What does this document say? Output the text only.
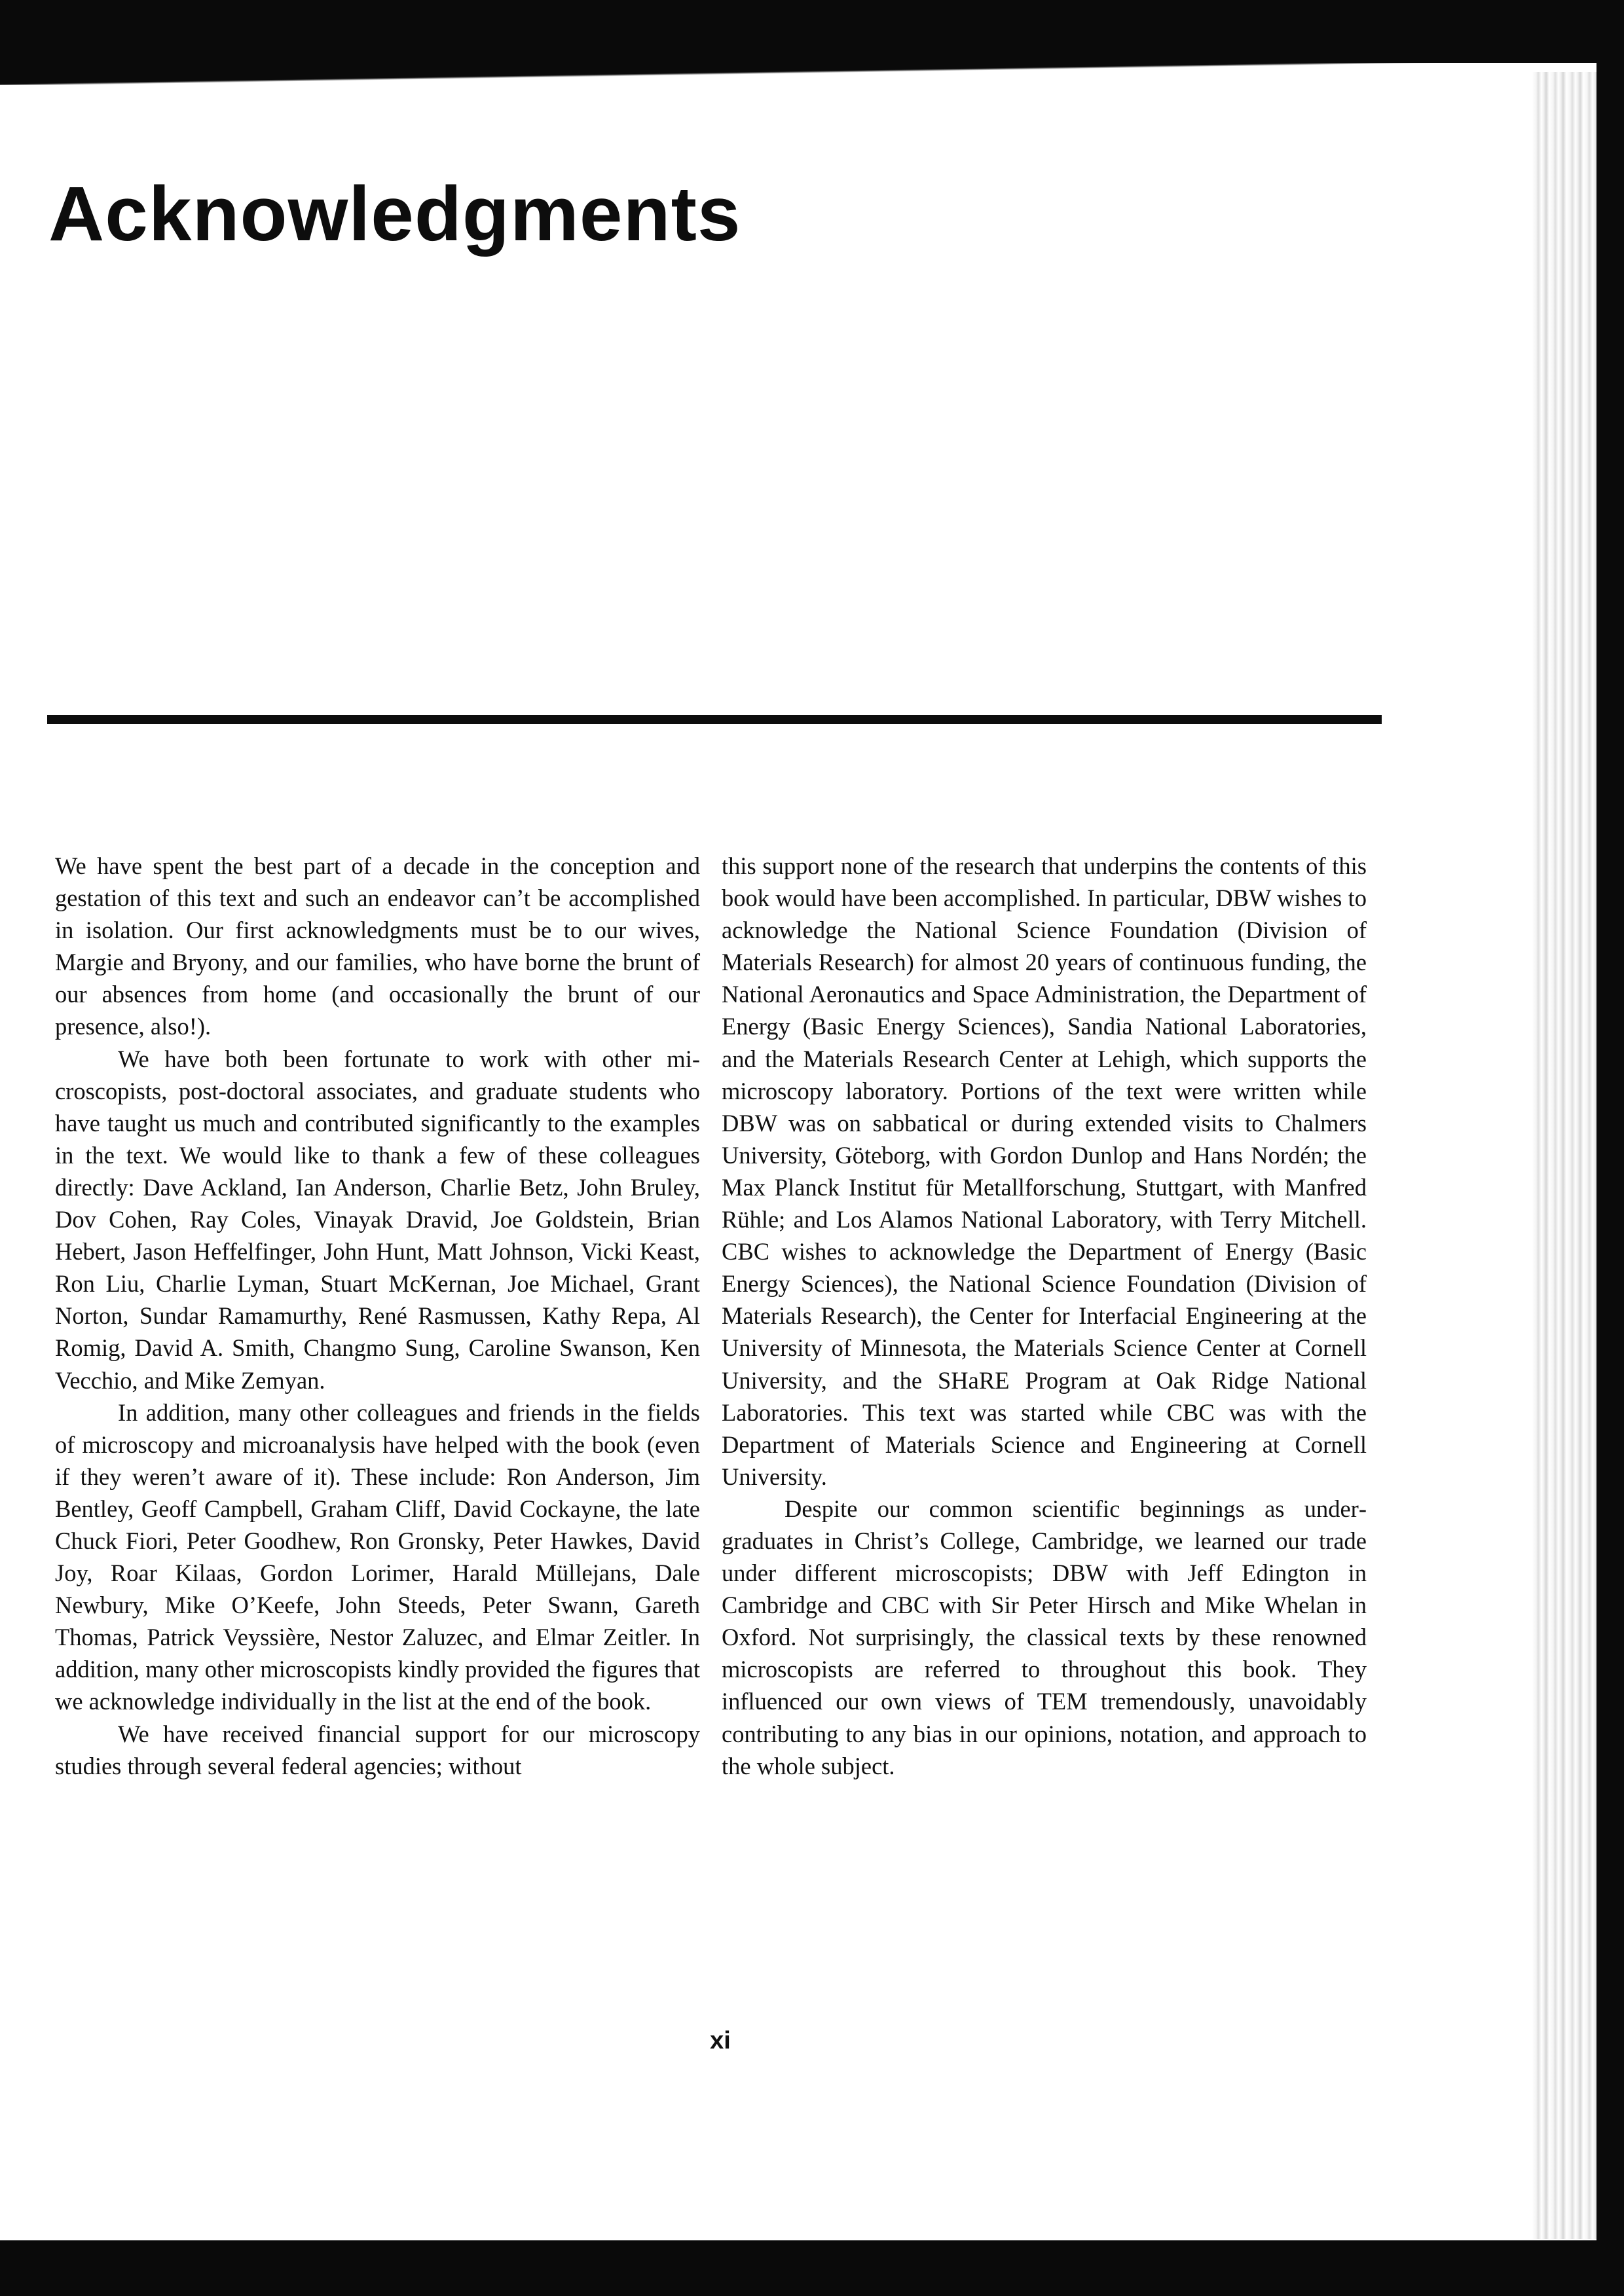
Acknowledgments

We have spent the best part of a decade in the conception and gestation of this text and such an endeavor can’t be accomplished in isolation. Our first acknowledgments must be to our wives, Margie and Bryony, and our families, who have borne the brunt of our absences from home (and occasionally the brunt of our presence, also!).

We have both been fortunate to work with other microscopists, post-doctoral associates, and graduate students who have taught us much and contributed significantly to the examples in the text. We would like to thank a few of these colleagues directly: Dave Ackland, Ian Anderson, Charlie Betz, John Bruley, Dov Cohen, Ray Coles, Vinayak Dravid, Joe Goldstein, Brian Hebert, Jason Heffelfinger, John Hunt, Matt Johnson, Vicki Keast, Ron Liu, Charlie Lyman, Stuart McKernan, Joe Michael, Grant Norton, Sundar Ramamurthy, René Rasmussen, Kathy Repa, Al Romig, David A. Smith, Changmo Sung, Caroline Swanson, Ken Vecchio, and Mike Zemyan.

In addition, many other colleagues and friends in the fields of microscopy and microanalysis have helped with the book (even if they weren’t aware of it). These include: Ron Anderson, Jim Bentley, Geoff Campbell, Graham Cliff, David Cockayne, the late Chuck Fiori, Peter Goodhew, Ron Gronsky, Peter Hawkes, David Joy, Roar Kilaas, Gordon Lorimer, Harald Müllejans, Dale Newbury, Mike O’Keefe, John Steeds, Peter Swann, Gareth Thomas, Patrick Veyssière, Nestor Zaluzec, and Elmar Zeitler. In addition, many other microscopists kindly provided the figures that we acknowledge individually in the list at the end of the book.

We have received financial support for our microscopy studies through several federal agencies; without

this support none of the research that underpins the contents of this book would have been accomplished. In particular, DBW wishes to acknowledge the National Science Foundation (Division of Materials Research) for almost 20 years of continuous funding, the National Aeronautics and Space Administration, the Department of Energy (Basic Energy Sciences), Sandia National Laboratories, and the Materials Research Center at Lehigh, which supports the microscopy laboratory. Portions of the text were written while DBW was on sabbatical or during extended visits to Chalmers University, Göteborg, with Gordon Dunlop and Hans Nordén; the Max Planck Institut für Metallforschung, Stuttgart, with Manfred Rühle; and Los Alamos National Laboratory, with Terry Mitchell. CBC wishes to acknowledge the Department of Energy (Basic Energy Sciences), the National Science Foundation (Division of Materials Research), the Center for Interfacial Engineering at the University of Minnesota, the Materials Science Center at Cornell University, and the SHaRE Program at Oak Ridge National Laboratories. This text was started while CBC was with the Department of Materials Science and Engineering at Cornell University.

Despite our common scientific beginnings as undergraduates in Christ’s College, Cambridge, we learned our trade under different microscopists; DBW with Jeff Edington in Cambridge and CBC with Sir Peter Hirsch and Mike Whelan in Oxford. Not surprisingly, the classical texts by these renowned microscopists are referred to throughout this book. They influenced our own views of TEM tremendously, unavoidably contributing to any bias in our opinions, notation, and approach to the whole subject.

xi
